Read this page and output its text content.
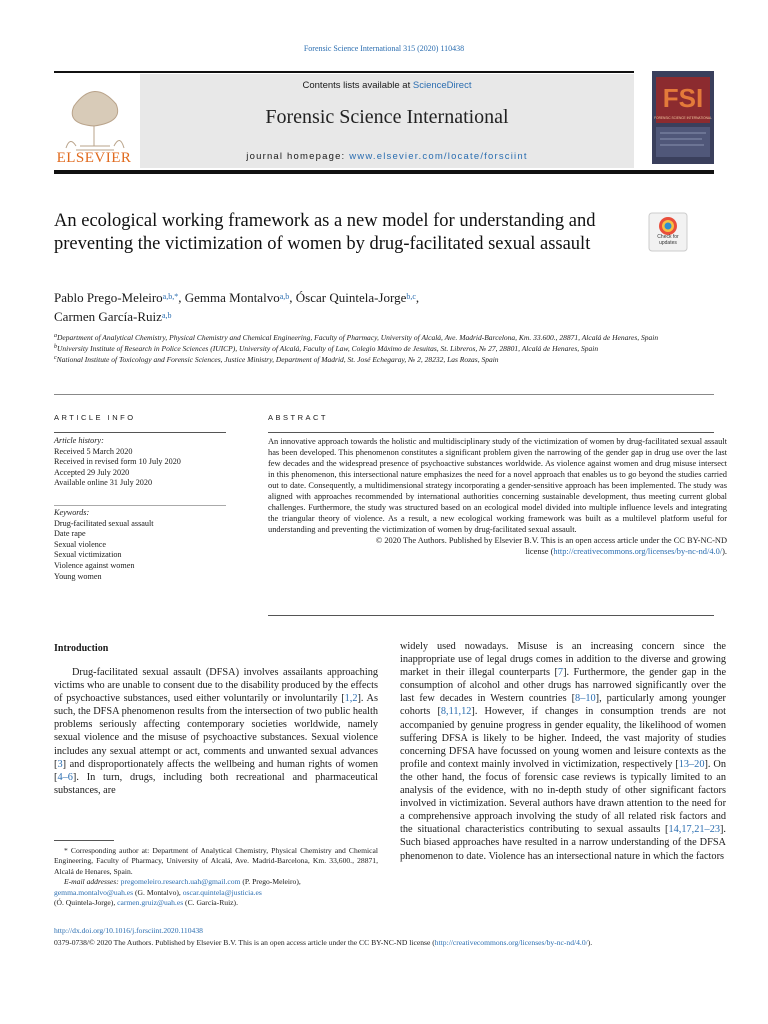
Forensic Science International 315 (2020) 110438
ELSEVIER
Contents lists available at ScienceDirect
Forensic Science International
journal homepage: www.elsevier.com/locate/forsciint
FSI
FORENSIC SCIENCE INTERNATIONAL
An ecological working framework as a new model for understanding and preventing the victimization of women by drug-facilitated sexual assault	Check for
updates
Pablo Prego-Meleiro$^{a,b,*}$, Gemma Montalvo$^{a,b}$, Óscar Quintela-Jorge$^{b,c}$,
Carmen García-Ruiz$^{a,b}$

$^a$Department of Analytical Chemistry, Physical Chemistry and Chemical Engineering, Faculty of Pharmacy, University of Alcalá, Ave. Madrid-Barcelona, Km. 33.600., 28871, Alcalá de Henares, Spain

$^b$University Institute of Research in Police Sciences (IUICP), University of Alcalá, Faculty of Law, Colegio Máximo de Jesuitas, St. Libreros, № 27, 28801, Alcalá de Henares, Spain

$^c$National Institute of Toxicology and Forensic Sciences, Justice Ministry, Department of Madrid, St. José Echegaray, № 2, 28232, Las Rozas, Spain

ARTICLE INFO	ABSTRACT
Article history:
Received 5 March 2020
Received in revised form 10 July 2020
Accepted 29 July 2020
Available online 31 July 2020
Keywords:
Drug-facilitated sexual assault
Date rape
Sexual violence
Sexual victimization
Violence against women
Young women

An innovative approach towards the holistic and multidisciplinary study of the victimization of women by drug-facilitated sexual assault has been developed. This phenomenon constitutes a significant problem given the narrowing of the gender gap in drug use over the last few decades and the widespread presence of psychoactive substances worldwide. As violence against women and drug misuse intersect in this phenomenon, this intersectional nature emphasizes the need for a novel approach that enables us to go beyond the studies carried out to date. Consequently, a multidimensional strategy incorporating a gender-sensitive approach has been implemented. The study was aligned with approaches recommended by international authorities concerning sustainable development, thus meeting current global challenges. Furthermore, the study was structured based on an ecological model divided into multiple influence levels and integrating the triangular theory of violence. As a result, a new ecological working framework was built as a multilevel platform useful for understanding and preventing the victimization of women by drug-facilitated sexual assault.

© 2020 The Authors. Published by Elsevier B.V. This is an open access article under the CC BY-NC-ND
license (http://creativecommons.org/licenses/by-nc-nd/4.0/).

Introduction

Drug-facilitated sexual assault (DFSA) involves assailants approaching victims who are unable to consent due to the disability produced by the effects of psychoactive substances, used either voluntarily or involuntarily [1,2]. As such, the DFSA phenomenon results from the intersection of two public health problems seriously affecting contemporary societies worldwide, namely sexual violence and the misuse of psychoactive substances. Sexual violence includes any sexual attempt or act, comments and unwanted sexual advances [3] and disproportionately affects the wellbeing and human rights of women [4–6]. In turn, drugs, including both recreational and pharmaceutical substances, are

widely used nowadays. Misuse is an increasing concern since the inappropriate use of legal drugs comes in addition to the diverse and growing market in their illegal counterparts [7]. Furthermore, the gender gap in the consumption of alcohol and other drugs has narrowed significantly over the last few decades in Western countries [8–10], particularly among younger cohorts [8,11,12]. However, if changes in consumption trends are not accompanied by genuine progress in gender equality, the likelihood of women suffering DFSA is likely to be higher. Indeed, the vast majority of studies concerning DFSA have focussed on young women and leisure contexts as the profile and context mainly involved in victimization, respectively [13–20]. On the other hand, the focus of forensic case reviews is typically limited to an analysis of the evidence, with no in-depth study of other significant factors involved in victimization. Several authors have drawn attention to the need for a comprehensive approach involving the study of all related risk factors and the situational characteristics contributing to sexual assaults [14,17,21–23]. Such biased approaches have resulted in a narrow understanding of the DFSA phenomenon to date. Violence has an intersectional nature in which the factors

* Corresponding author at: Department of Analytical Chemistry, Physical Chemistry and Chemical Engineering, Faculty of Pharmacy, University of Alcalá, Ave. Madrid-Barcelona, Km. 33,600., 28871, Alcalá de Henares, Spain.

E-mail addresses: pregomeleiro.research.uah@gmail.com (P. Prego-Meleiro),
gemma.montalvo@uah.es (G. Montalvo), oscar.quintela@justicia.es
(Ó. Quintela-Jorge), carmen.gruiz@uah.es (C. García-Ruiz).

http://dx.doi.org/10.1016/j.forsciint.2020.110438
0379-0738/© 2020 The Authors. Published by Elsevier B.V. This is an open access article under the CC BY-NC-ND license (http://creativecommons.org/licenses/by-nc-nd/4.0/).
